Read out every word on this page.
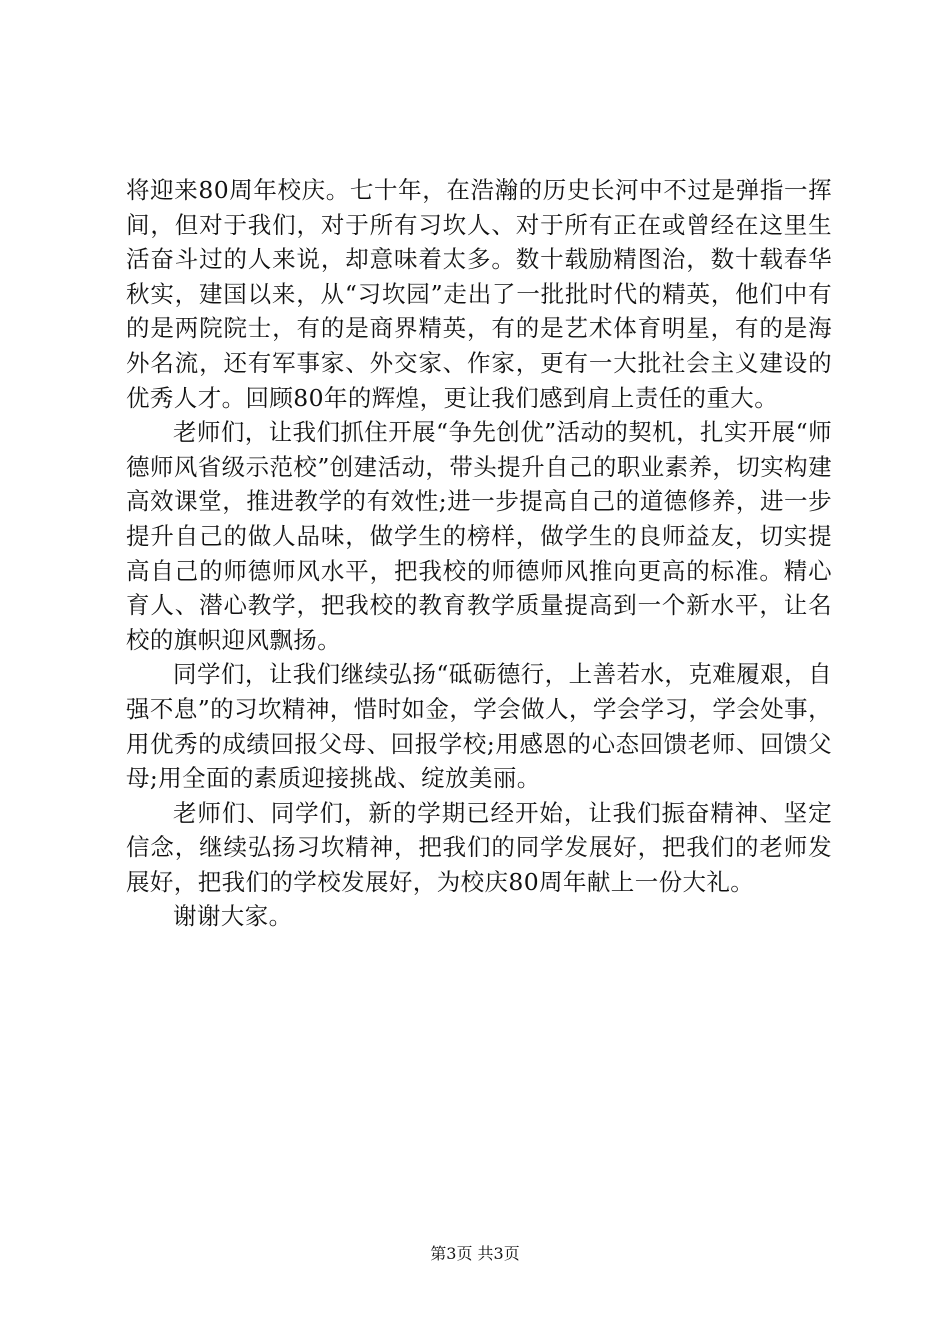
将迎来80周年校庆。七十年，在浩瀚的历史长河中不过是弹指一挥间，但对于我们，对于所有习坎人、对于所有正在或曾经在这里生活奋斗过的人来说，却意味着太多。数十载励精图治，数十载春华秋实，建国以来，从“习坎园”走出了一批批时代的精英，他们中有的是两院院士，有的是商界精英，有的是艺术体育明星，有的是海外名流，还有军事家、外交家、作家，更有一大批社会主义建设的优秀人才。回顾80年的辉煌，更让我们感到肩上责任的重大。

老师们，让我们抓住开展“争先创优”活动的契机，扎实开展“师德师风省级示范校”创建活动，带头提升自己的职业素养，切实构建高效课堂，推进教学的有效性;进一步提高自己的道德修养，进一步提升自己的做人品味，做学生的榜样，做学生的良师益友，切实提高自己的师德师风水平，把我校的师德师风推向更高的标准。精心育人、潜心教学，把我校的教育教学质量提高到一个新水平，让名校的旗帜迎风飘扬。

同学们，让我们继续弘扬“砥砺德行，上善若水，克难履艰，自强不息”的习坎精神，惜时如金，学会做人，学会学习，学会处事，用优秀的成绩回报父母、回报学校;用感恩的心态回馈老师、回馈父母;用全面的素质迎接挑战、绽放美丽。

老师们、同学们，新的学期已经开始，让我们振奋精神、坚定信念，继续弘扬习坎精神，把我们的同学发展好，把我们的老师发展好，把我们的学校发展好，为校庆80周年献上一份大礼。

谢谢大家。

第3页 共3页
